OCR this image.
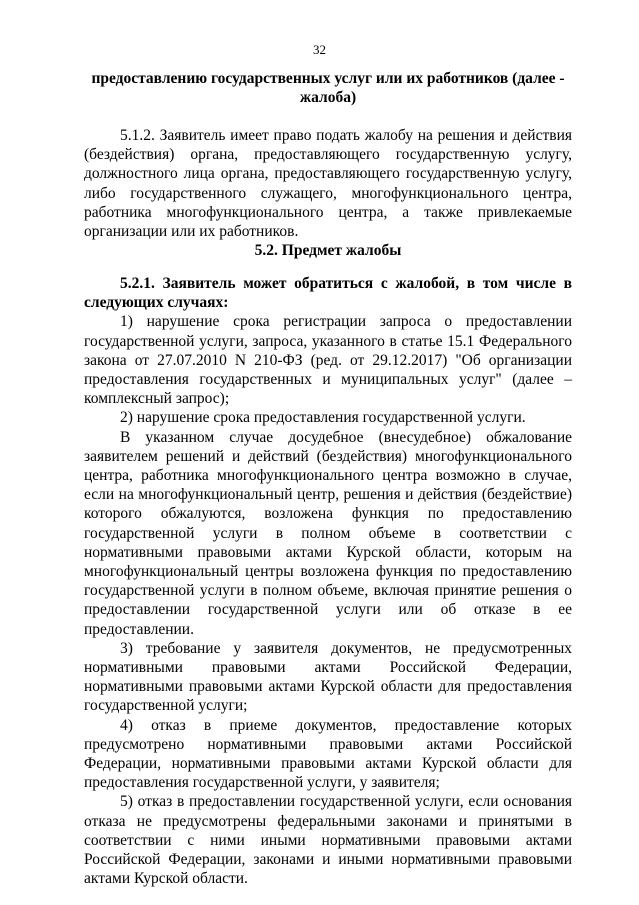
32
предоставлению государственных услуг или их работников (далее -
жалоба)

5.1.2. Заявитель имеет право подать жалобу на решения и действия (бездействия) органа, предоставляющего государственную услугу, должностного лица органа, предоставляющего государственную услугу, либо государственного служащего, многофункционального центра, работника многофункционального центра, а также привлекаемые организации или их работников.

5.2. Предмет жалобы

5.2.1. Заявитель может обратиться с жалобой, в том числе в следующих случаях:

1) нарушение срока регистрации запроса о предоставлении государственной услуги, запроса, указанного в статье 15.1 Федерального закона от 27.07.2010 N 210-ФЗ (ред. от 29.12.2017) "Об организации предоставления государственных и муниципальных услуг" (далее – комплексный запрос);

2) нарушение срока предоставления государственной услуги.

В указанном случае досудебное (внесудебное) обжалование заявителем решений и действий (бездействия) многофункционального центра, работника многофункционального центра возможно в случае, если на многофункциональный центр, решения и действия (бездействие) которого обжалуются, возложена функция по предоставлению государственной услуги в полном объеме в соответствии с нормативными правовыми актами Курской области, которым на многофункциональный центры возложена функция по предоставлению государственной услуги в полном объеме, включая принятие решения о предоставлении государственной услуги или об отказе в ее предоставлении.

3) требование у заявителя документов, не предусмотренных нормативными правовыми актами Российской Федерации, нормативными правовыми актами Курской области для предоставления государственной услуги;

4) отказ в приеме документов, предоставление которых предусмотрено нормативными правовыми актами Российской Федерации, нормативными правовыми актами Курской области для предоставления государственной услуги, у заявителя;

5) отказ в предоставлении государственной услуги, если основания отказа не предусмотрены федеральными законами и принятыми в соответствии с ними иными нормативными правовыми актами Российской Федерации, законами и иными нормативными правовыми актами Курской области.
